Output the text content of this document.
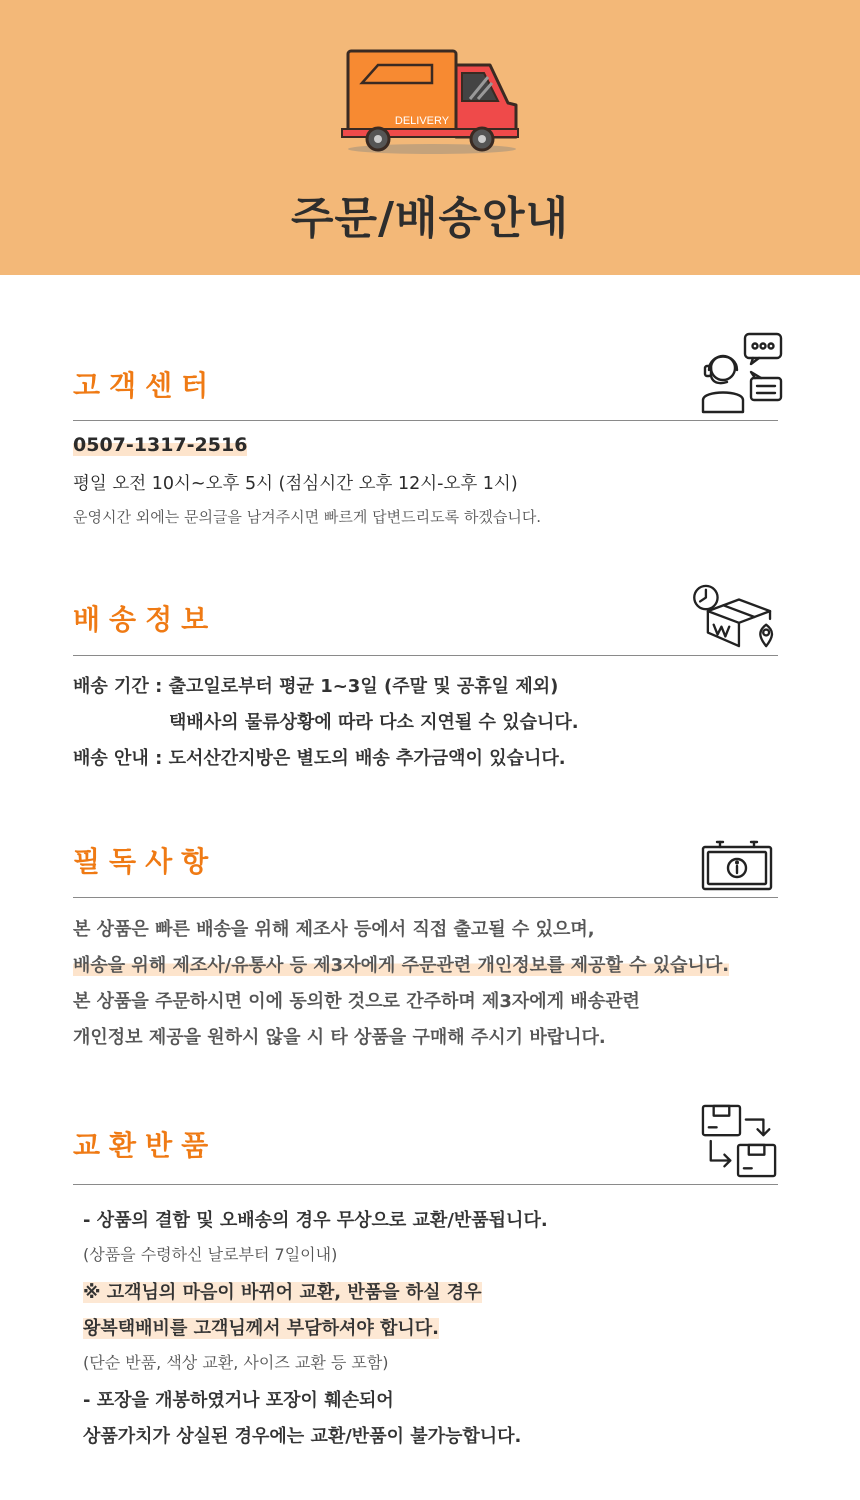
DELIVERY
주문/배송안내
고객센터
0507-1317-2516
평일 오전 10시~오후 5시 (점심시간 오후 12시-오후 1시)
운영시간 외에는 문의글을 남겨주시면 빠르게 답변드리도록 하겠습니다.
배송정보
배송 기간 : 출고일로부터 평균 1~3일 (주말 및 공휴일 제외)
택배사의 물류상황에 따라 다소 지연될 수 있습니다.
배송 안내 : 도서산간지방은 별도의 배송 추가금액이 있습니다.
필독사항
본 상품은 빠른 배송을 위해 제조사 등에서 직접 출고될 수 있으며,
배송을 위해 제조사/유통사 등 제3자에게 주문관련 개인정보를 제공할 수 있습니다.
본 상품을 주문하시면 이에 동의한 것으로 간주하며 제3자에게 배송관련
개인정보 제공을 원하시 않을 시 타 상품을 구매해 주시기 바랍니다.
교환반품
- 상품의 결함 및 오배송의 경우 무상으로 교환/반품됩니다.
(상품을 수령하신 날로부터 7일이내)
※ 고객님의 마음이 바뀌어 교환, 반품을 하실 경우
왕복택배비를 고객님께서 부담하셔야 합니다.
(단순 반품, 색상 교환, 사이즈 교환 등 포함)
- 포장을 개봉하였거나 포장이 훼손되어
상품가치가 상실된 경우에는 교환/반품이 불가능합니다.
